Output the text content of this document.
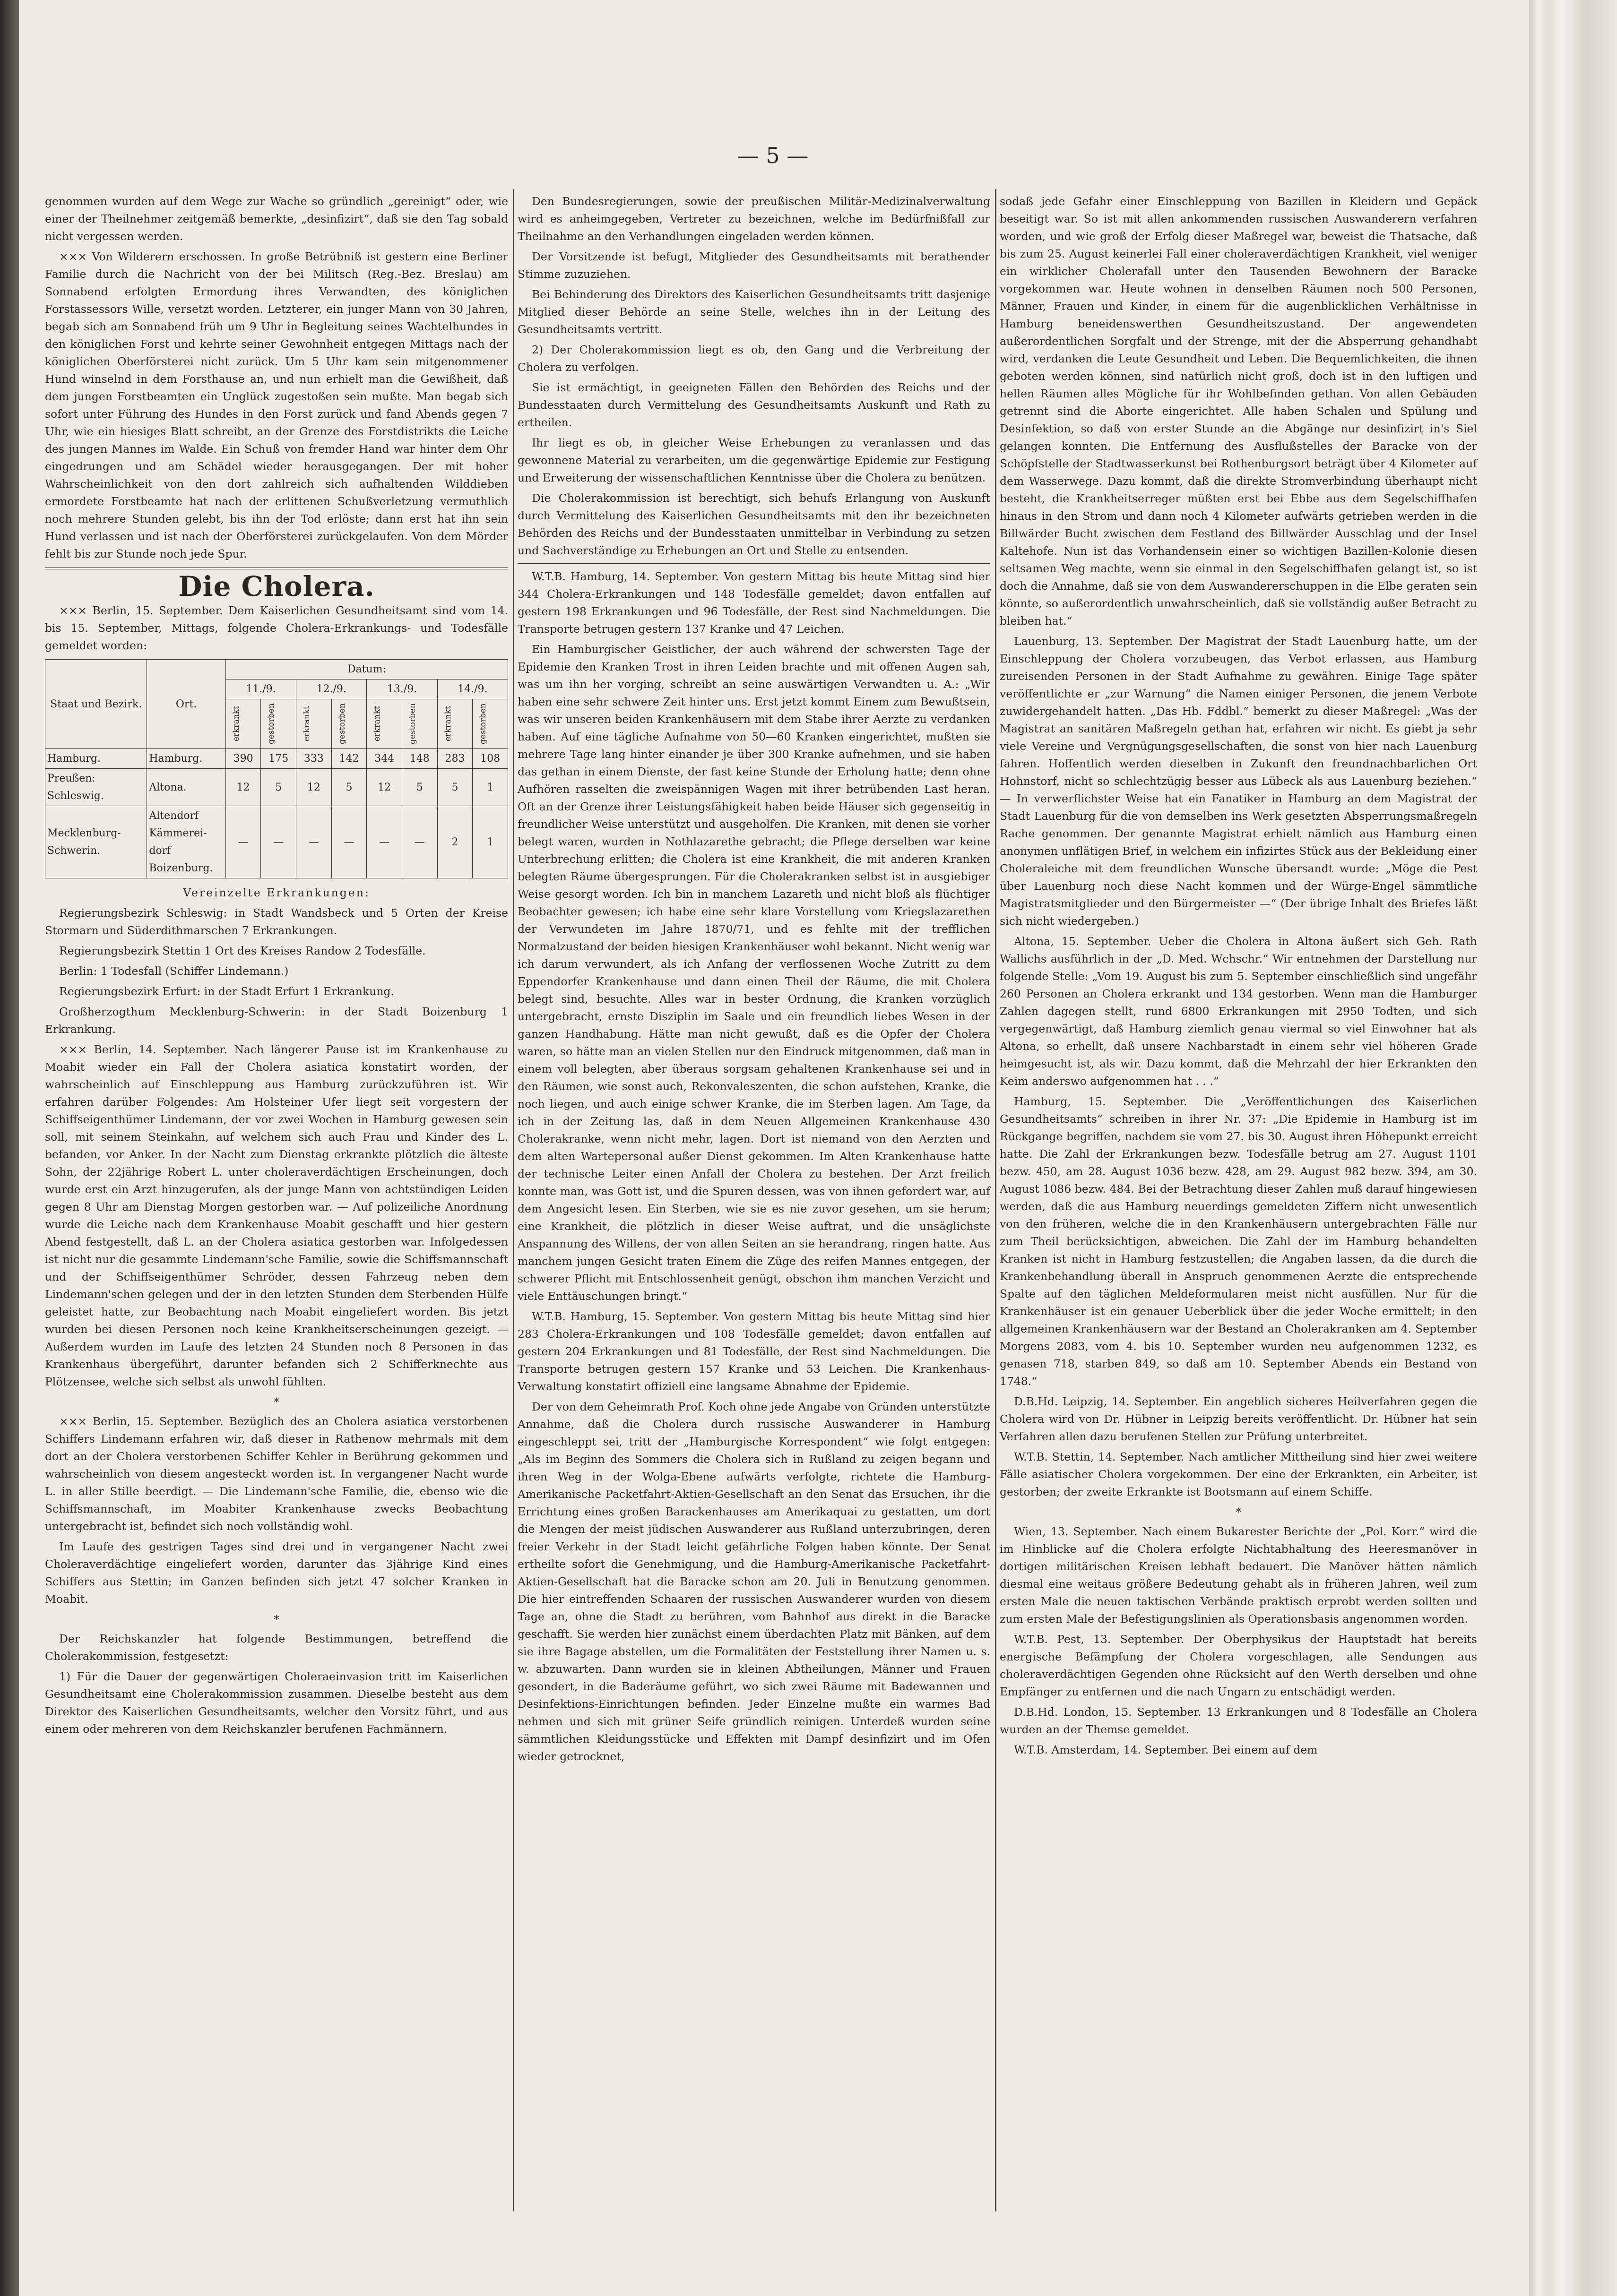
— 5 —

genommen wurden auf dem Wege zur Wache so gründlich „gereinigt“ oder, wie einer der Theilnehmer zeitgemäß bemerkte, „desinfizirt“, daß sie den Tag sobald nicht vergessen werden.

××× Von Wilderern erschossen. In große Betrübniß ist gestern eine Berliner Familie durch die Nachricht von der bei Militsch (Reg.-Bez. Breslau) am Sonnabend erfolgten Ermordung ihres Verwandten, des königlichen Forstassessors Wille, versetzt worden. Letzterer, ein junger Mann von 30 Jahren, begab sich am Sonnabend früh um 9 Uhr in Begleitung seines Wachtelhundes in den königlichen Forst und kehrte seiner Gewohnheit entgegen Mittags nach der königlichen Oberförsterei nicht zurück. Um 5 Uhr kam sein mitgenommener Hund winselnd in dem Forsthause an, und nun erhielt man die Gewißheit, daß dem jungen Forstbeamten ein Unglück zugestoßen sein mußte. Man begab sich sofort unter Führung des Hundes in den Forst zurück und fand Abends gegen 7 Uhr, wie ein hiesiges Blatt schreibt, an der Grenze des Forstdistrikts die Leiche des jungen Mannes im Walde. Ein Schuß von fremder Hand war hinter dem Ohr eingedrungen und am Schädel wieder herausgegangen. Der mit hoher Wahrscheinlichkeit von den dort zahlreich sich aufhaltenden Wilddieben ermordete Forstbeamte hat nach der erlittenen Schußverletzung vermuthlich noch mehrere Stunden gelebt, bis ihn der Tod erlöste; dann erst hat ihn sein Hund verlassen und ist nach der Oberförsterei zurückgelaufen. Von dem Mörder fehlt bis zur Stunde noch jede Spur.

Die Cholera.

××× Berlin, 15. September. Dem Kaiserlichen Gesundheitsamt sind vom 14. bis 15. September, Mittags, folgende Cholera-Erkrankungs- und Todesfälle gemeldet worden:

Staat und Bezirk.	Ort.	Datum:							
		11./9.		12./9.		13./9.		14./9.	

		erkrankt	gestorben	erkrankt	gestorben	erkrankt	gestorben	erkrankt	gestorben

Hamburg.	Hamburg.	390	175	333	142	344	148	283	108
Preußen: Schleswig.	Altona.	12	5	12	5	12	5	5	1
Mecklenburg-Schwerin.	Altendorf Kämmerei-dorf Boizenburg.	—	—	—	—	—	—	2	1

Vereinzelte Erkrankungen:

Regierungsbezirk Schleswig: in Stadt Wandsbeck und 5 Orten der Kreise Stormarn und Süderdithmarschen 7 Erkrankungen.

Regierungsbezirk Stettin 1 Ort des Kreises Randow 2 Todesfälle.

Berlin: 1 Todesfall (Schiffer Lindemann.)

Regierungsbezirk Erfurt: in der Stadt Erfurt 1 Erkrankung.

Großherzogthum Mecklenburg-Schwerin: in der Stadt Boizenburg 1 Erkrankung.

××× Berlin, 14. September. Nach längerer Pause ist im Krankenhause zu Moabit wieder ein Fall der Cholera asiatica konstatirt worden, der wahrscheinlich auf Einschleppung aus Hamburg zurückzuführen ist. Wir erfahren darüber Folgendes: Am Holsteiner Ufer liegt seit vorgestern der Schiffseigenthümer Lindemann, der vor zwei Wochen in Hamburg gewesen sein soll, mit seinem Steinkahn, auf welchem sich auch Frau und Kinder des L. befanden, vor Anker. In der Nacht zum Dienstag erkrankte plötzlich die älteste Sohn, der 22jährige Robert L. unter choleraverdächtigen Erscheinungen, doch wurde erst ein Arzt hinzugerufen, als der junge Mann von achtstündigen Leiden gegen 8 Uhr am Dienstag Morgen gestorben war. — Auf polizeiliche Anordnung wurde die Leiche nach dem Krankenhause Moabit geschafft und hier gestern Abend festgestellt, daß L. an der Cholera asiatica gestorben war. Infolgedessen ist nicht nur die gesammte Lindemann'sche Familie, sowie die Schiffsmannschaft und der Schiffseigenthümer Schröder, dessen Fahrzeug neben dem Lindemann'schen gelegen und der in den letzten Stunden dem Sterbenden Hülfe geleistet hatte, zur Beobachtung nach Moabit eingeliefert worden. Bis jetzt wurden bei diesen Personen noch keine Krankheitserscheinungen gezeigt. — Außerdem wurden im Laufe des letzten 24 Stunden noch 8 Personen in das Krankenhaus übergeführt, darunter befanden sich 2 Schifferknechte aus Plötzensee, welche sich selbst als unwohl fühlten.

*

××× Berlin, 15. September. Bezüglich des an Cholera asiatica verstorbenen Schiffers Lindemann erfahren wir, daß dieser in Rathenow mehrmals mit dem dort an der Cholera verstorbenen Schiffer Kehler in Berührung gekommen und wahrscheinlich von diesem angesteckt worden ist. In vergangener Nacht wurde L. in aller Stille beerdigt. — Die Lindemann'sche Familie, die, ebenso wie die Schiffsmannschaft, im Moabiter Krankenhause zwecks Beobachtung untergebracht ist, befindet sich noch vollständig wohl.

Im Laufe des gestrigen Tages sind drei und in vergangener Nacht zwei Choleraverdächtige eingeliefert worden, darunter das 3jährige Kind eines Schiffers aus Stettin; im Ganzen befinden sich jetzt 47 solcher Kranken in Moabit.

*

Der Reichskanzler hat folgende Bestimmungen, betreffend die Cholerakommission, festgesetzt:

1) Für die Dauer der gegenwärtigen Choleraeinvasion tritt im Kaiserlichen Gesundheitsamt eine Cholerakommission zusammen. Dieselbe besteht aus dem Direktor des Kaiserlichen Gesundheitsamts, welcher den Vorsitz führt, und aus einem oder mehreren von dem Reichskanzler berufenen Fachmännern.

Den Bundesregierungen, sowie der preußischen Militär-Medizinalverwaltung wird es anheimgegeben, Vertreter zu bezeichnen, welche im Bedürfnißfall zur Theilnahme an den Verhandlungen eingeladen werden können.

Der Vorsitzende ist befugt, Mitglieder des Gesundheitsamts mit berathender Stimme zuzuziehen.

Bei Behinderung des Direktors des Kaiserlichen Gesundheitsamts tritt dasjenige Mitglied dieser Behörde an seine Stelle, welches ihn in der Leitung des Gesundheitsamts vertritt.

2) Der Cholerakommission liegt es ob, den Gang und die Verbreitung der Cholera zu verfolgen.

Sie ist ermächtigt, in geeigneten Fällen den Behörden des Reichs und der Bundesstaaten durch Vermittelung des Gesundheitsamts Auskunft und Rath zu ertheilen.

Ihr liegt es ob, in gleicher Weise Erhebungen zu veranlassen und das gewonnene Material zu verarbeiten, um die gegenwärtige Epidemie zur Festigung und Erweiterung der wissenschaftlichen Kenntnisse über die Cholera zu benützen.

Die Cholerakommission ist berechtigt, sich behufs Erlangung von Auskunft durch Vermittelung des Kaiserlichen Gesundheitsamts mit den ihr bezeichneten Behörden des Reichs und der Bundesstaaten unmittelbar in Verbindung zu setzen und Sachverständige zu Erhebungen an Ort und Stelle zu entsenden.

W.T.B. Hamburg, 14. September. Von gestern Mittag bis heute Mittag sind hier 344 Cholera-Erkrankungen und 148 Todesfälle gemeldet; davon entfallen auf gestern 198 Erkrankungen und 96 Todesfälle, der Rest sind Nachmeldungen. Die Transporte betrugen gestern 137 Kranke und 47 Leichen.

Ein Hamburgischer Geistlicher, der auch während der schwersten Tage der Epidemie den Kranken Trost in ihren Leiden brachte und mit offenen Augen sah, was um ihn her vorging, schreibt an seine auswärtigen Verwandten u. A.: „Wir haben eine sehr schwere Zeit hinter uns. Erst jetzt kommt Einem zum Bewußtsein, was wir unseren beiden Krankenhäusern mit dem Stabe ihrer Aerzte zu verdanken haben. Auf eine tägliche Aufnahme von 50—60 Kranken eingerichtet, mußten sie mehrere Tage lang hinter einander je über 300 Kranke aufnehmen, und sie haben das gethan in einem Dienste, der fast keine Stunde der Erholung hatte; denn ohne Aufhören rasselten die zweispännigen Wagen mit ihrer betrübenden Last heran. Oft an der Grenze ihrer Leistungsfähigkeit haben beide Häuser sich gegenseitig in freundlicher Weise unterstützt und ausgeholfen. Die Kranken, mit denen sie vorher belegt waren, wurden in Nothlazarethe gebracht; die Pflege derselben war keine Unterbrechung erlitten; die Cholera ist eine Krankheit, die mit anderen Kranken belegten Räume übergesprungen. Für die Cholerakranken selbst ist in ausgiebiger Weise gesorgt worden. Ich bin in manchem Lazareth und nicht bloß als flüchtiger Beobachter gewesen; ich habe eine sehr klare Vorstellung vom Kriegslazarethen der Verwundeten im Jahre 1870/71, und es fehlte mit der trefflichen Normalzustand der beiden hiesigen Krankenhäuser wohl bekannt. Nicht wenig war ich darum verwundert, als ich Anfang der verflossenen Woche Zutritt zu dem Eppendorfer Krankenhause und dann einen Theil der Räume, die mit Cholera belegt sind, besuchte. Alles war in bester Ordnung, die Kranken vorzüglich untergebracht, ernste Disziplin im Saale und ein freundlich liebes Wesen in der ganzen Handhabung. Hätte man nicht gewußt, daß es die Opfer der Cholera waren, so hätte man an vielen Stellen nur den Eindruck mitgenommen, daß man in einem voll belegten, aber überaus sorgsam gehaltenen Krankenhause sei und in den Räumen, wie sonst auch, Rekonvaleszenten, die schon aufstehen, Kranke, die noch liegen, und auch einige schwer Kranke, die im Sterben lagen. Am Tage, da ich in der Zeitung las, daß in dem Neuen Allgemeinen Krankenhause 430 Cholerakranke, wenn nicht mehr, lagen. Dort ist niemand von den Aerzten und dem alten Wartepersonal außer Dienst gekommen. Im Alten Krankenhause hatte der technische Leiter einen Anfall der Cholera zu bestehen. Der Arzt freilich konnte man, was Gott ist, und die Spuren dessen, was von ihnen gefordert war, auf dem Angesicht lesen. Ein Sterben, wie sie es nie zuvor gesehen, um sie herum; eine Krankheit, die plötzlich in dieser Weise auftrat, und die unsäglichste Anspannung des Willens, der von allen Seiten an sie herandrang, ringen hatte. Aus manchem jungen Gesicht traten Einem die Züge des reifen Mannes entgegen, der schwerer Pflicht mit Entschlossenheit genügt, obschon ihm manchen Verzicht und viele Enttäuschungen bringt.“

W.T.B. Hamburg, 15. September. Von gestern Mittag bis heute Mittag sind hier 283 Cholera-Erkrankungen und 108 Todesfälle gemeldet; davon entfallen auf gestern 204 Erkrankungen und 81 Todesfälle, der Rest sind Nachmeldungen. Die Transporte betrugen gestern 157 Kranke und 53 Leichen. Die Krankenhaus-Verwaltung konstatirt offiziell eine langsame Abnahme der Epidemie.

Der von dem Geheimrath Prof. Koch ohne jede Angabe von Gründen unterstützte Annahme, daß die Cholera durch russische Auswanderer in Hamburg eingeschleppt sei, tritt der „Hamburgische Korrespondent“ wie folgt entgegen: „Als im Beginn des Sommers die Cholera sich in Rußland zu zeigen begann und ihren Weg in der Wolga-Ebene aufwärts verfolgte, richtete die Hamburg-Amerikanische Packetfahrt-Aktien-Gesellschaft an den Senat das Ersuchen, ihr die Errichtung eines großen Barackenhauses am Amerikaquai zu gestatten, um dort die Mengen der meist jüdischen Auswanderer aus Rußland unterzubringen, deren freier Verkehr in der Stadt leicht gefährliche Folgen haben könnte. Der Senat ertheilte sofort die Genehmigung, und die Hamburg-Amerikanische Packetfahrt-Aktien-Gesellschaft hat die Baracke schon am 20. Juli in Benutzung genommen. Die hier eintreffenden Schaaren der russischen Auswanderer wurden von diesem Tage an, ohne die Stadt zu berühren, vom Bahnhof aus direkt in die Baracke geschafft. Sie werden hier zunächst einem überdachten Platz mit Bänken, auf dem sie ihre Bagage abstellen, um die Formalitäten der Feststellung ihrer Namen u. s. w. abzuwarten. Dann wurden sie in kleinen Abtheilungen, Männer und Frauen gesondert, in die Baderäume geführt, wo sich zwei Räume mit Badewannen und Desinfektions-Einrichtungen befinden. Jeder Einzelne mußte ein warmes Bad nehmen und sich mit grüner Seife gründlich reinigen. Unterdeß wurden seine sämmtlichen Kleidungsstücke und Effekten mit Dampf desinfizirt und im Ofen wieder getrocknet,

sodaß jede Gefahr einer Einschleppung von Bazillen in Kleidern und Gepäck beseitigt war. So ist mit allen ankommenden russischen Auswanderern verfahren worden, und wie groß der Erfolg dieser Maßregel war, beweist die Thatsache, daß bis zum 25. August keinerlei Fall einer choleraverdächtigen Krankheit, viel weniger ein wirklicher Cholerafall unter den Tausenden Bewohnern der Baracke vorgekommen war. Heute wohnen in denselben Räumen noch 500 Personen, Männer, Frauen und Kinder, in einem für die augenblicklichen Verhältnisse in Hamburg beneidenswerthen Gesundheitszustand. Der angewendeten außerordentlichen Sorgfalt und der Strenge, mit der die Absperrung gehandhabt wird, verdanken die Leute Gesundheit und Leben. Die Bequemlichkeiten, die ihnen geboten werden können, sind natürlich nicht groß, doch ist in den luftigen und hellen Räumen alles Mögliche für ihr Wohlbefinden gethan. Von allen Gebäuden getrennt sind die Aborte eingerichtet. Alle haben Schalen und Spülung und Desinfektion, so daß von erster Stunde an die Abgänge nur desinfizirt in's Siel gelangen konnten. Die Entfernung des Ausflußstelles der Baracke von der Schöpfstelle der Stadtwasserkunst bei Rothenburgsort beträgt über 4 Kilometer auf dem Wasserwege. Dazu kommt, daß die direkte Stromverbindung überhaupt nicht besteht, die Krankheitserreger müßten erst bei Ebbe aus dem Segelschiffhafen hinaus in den Strom und dann noch 4 Kilometer aufwärts getrieben werden in die Billwärder Bucht zwischen dem Festland des Billwärder Ausschlag und der Insel Kaltehofe. Nun ist das Vorhandensein einer so wichtigen Bazillen-Kolonie diesen seltsamen Weg machte, wenn sie einmal in den Segelschiffhafen gelangt ist, so ist doch die Annahme, daß sie von dem Auswandererschuppen in die Elbe geraten sein könnte, so außerordentlich unwahrscheinlich, daß sie vollständig außer Betracht zu bleiben hat.“

Lauenburg, 13. September. Der Magistrat der Stadt Lauenburg hatte, um der Einschleppung der Cholera vorzubeugen, das Verbot erlassen, aus Hamburg zureisenden Personen in der Stadt Aufnahme zu gewähren. Einige Tage später veröffentlichte er „zur Warnung“ die Namen einiger Personen, die jenem Verbote zuwidergehandelt hatten. „Das Hb. Fddbl.“ bemerkt zu dieser Maßregel: „Was der Magistrat an sanitären Maßregeln gethan hat, erfahren wir nicht. Es giebt ja sehr viele Vereine und Vergnügungsgesellschaften, die sonst von hier nach Lauenburg fahren. Hoffentlich werden dieselben in Zukunft den freundnachbarlichen Ort Hohnstorf, nicht so schlechtzügig besser aus Lübeck als aus Lauenburg beziehen.“ — In verwerflichster Weise hat ein Fanatiker in Hamburg an dem Magistrat der Stadt Lauenburg für die von demselben ins Werk gesetzten Absperrungsmaßregeln Rache genommen. Der genannte Magistrat erhielt nämlich aus Hamburg einen anonymen unflätigen Brief, in welchem ein infizirtes Stück aus der Bekleidung einer Choleraleiche mit dem freundlichen Wunsche übersandt wurde: „Möge die Pest über Lauenburg noch diese Nacht kommen und der Würge-Engel sämmtliche Magistratsmitglieder und den Bürgermeister —“ (Der übrige Inhalt des Briefes läßt sich nicht wiedergeben.)

Altona, 15. September. Ueber die Cholera in Altona äußert sich Geh. Rath Wallichs ausführlich in der „D. Med. Wchschr.“ Wir entnehmen der Darstellung nur folgende Stelle: „Vom 19. August bis zum 5. September einschließlich sind ungefähr 260 Personen an Cholera erkrankt und 134 gestorben. Wenn man die Hamburger Zahlen dagegen stellt, rund 6800 Erkrankungen mit 2950 Todten, und sich vergegenwärtigt, daß Hamburg ziemlich genau viermal so viel Einwohner hat als Altona, so erhellt, daß unsere Nachbarstadt in einem sehr viel höheren Grade heimgesucht ist, als wir. Dazu kommt, daß die Mehrzahl der hier Erkrankten den Keim anderswo aufgenommen hat . . .“

Hamburg, 15. September. Die „Veröffentlichungen des Kaiserlichen Gesundheitsamts“ schreiben in ihrer Nr. 37: „Die Epidemie in Hamburg ist im Rückgange begriffen, nachdem sie vom 27. bis 30. August ihren Höhepunkt erreicht hatte. Die Zahl der Erkrankungen bezw. Todesfälle betrug am 27. August 1101 bezw. 450, am 28. August 1036 bezw. 428, am 29. August 982 bezw. 394, am 30. August 1086 bezw. 484. Bei der Betrachtung dieser Zahlen muß darauf hingewiesen werden, daß die aus Hamburg neuerdings gemeldeten Ziffern nicht unwesentlich von den früheren, welche die in den Krankenhäusern untergebrachten Fälle nur zum Theil berücksichtigen, abweichen. Die Zahl der im Hamburg behandelten Kranken ist nicht in Hamburg festzustellen; die Angaben lassen, da die durch die Krankenbehandlung überall in Anspruch genommenen Aerzte die entsprechende Spalte auf den täglichen Meldeformularen meist nicht ausfüllen. Nur für die Krankenhäuser ist ein genauer Ueberblick über die jeder Woche ermittelt; in den allgemeinen Krankenhäusern war der Bestand an Cholerakranken am 4. September Morgens 2083, vom 4. bis 10. September wurden neu aufgenommen 1232, es genasen 718, starben 849, so daß am 10. September Abends ein Bestand von 1748.“

D.B.Hd. Leipzig, 14. September. Ein angeblich sicheres Heilverfahren gegen die Cholera wird von Dr. Hübner in Leipzig bereits veröffentlicht. Dr. Hübner hat sein Verfahren allen dazu berufenen Stellen zur Prüfung unterbreitet.

W.T.B. Stettin, 14. September. Nach amtlicher Mittheilung sind hier zwei weitere Fälle asiatischer Cholera vorgekommen. Der eine der Erkrankten, ein Arbeiter, ist gestorben; der zweite Erkrankte ist Bootsmann auf einem Schiffe.

*

Wien, 13. September. Nach einem Bukarester Berichte der „Pol. Korr.“ wird die im Hinblicke auf die Cholera erfolgte Nichtabhaltung des Heeresmanöver in dortigen militärischen Kreisen lebhaft bedauert. Die Manöver hätten nämlich diesmal eine weitaus größere Bedeutung gehabt als in früheren Jahren, weil zum ersten Male die neuen taktischen Verbände praktisch erprobt werden sollten und zum ersten Male der Befestigungslinien als Operationsbasis angenommen worden.

W.T.B. Pest, 13. September. Der Oberphysikus der Hauptstadt hat bereits energische Befämpfung der Cholera vorgeschlagen, alle Sendungen aus choleraverdächtigen Gegenden ohne Rücksicht auf den Werth derselben und ohne Empfänger zu entfernen und die nach Ungarn zu entschädigt werden.

D.B.Hd. London, 15. September. 13 Erkrankungen und 8 Todesfälle an Cholera wurden an der Themse gemeldet.

W.T.B. Amsterdam, 14. September. Bei einem auf dem
